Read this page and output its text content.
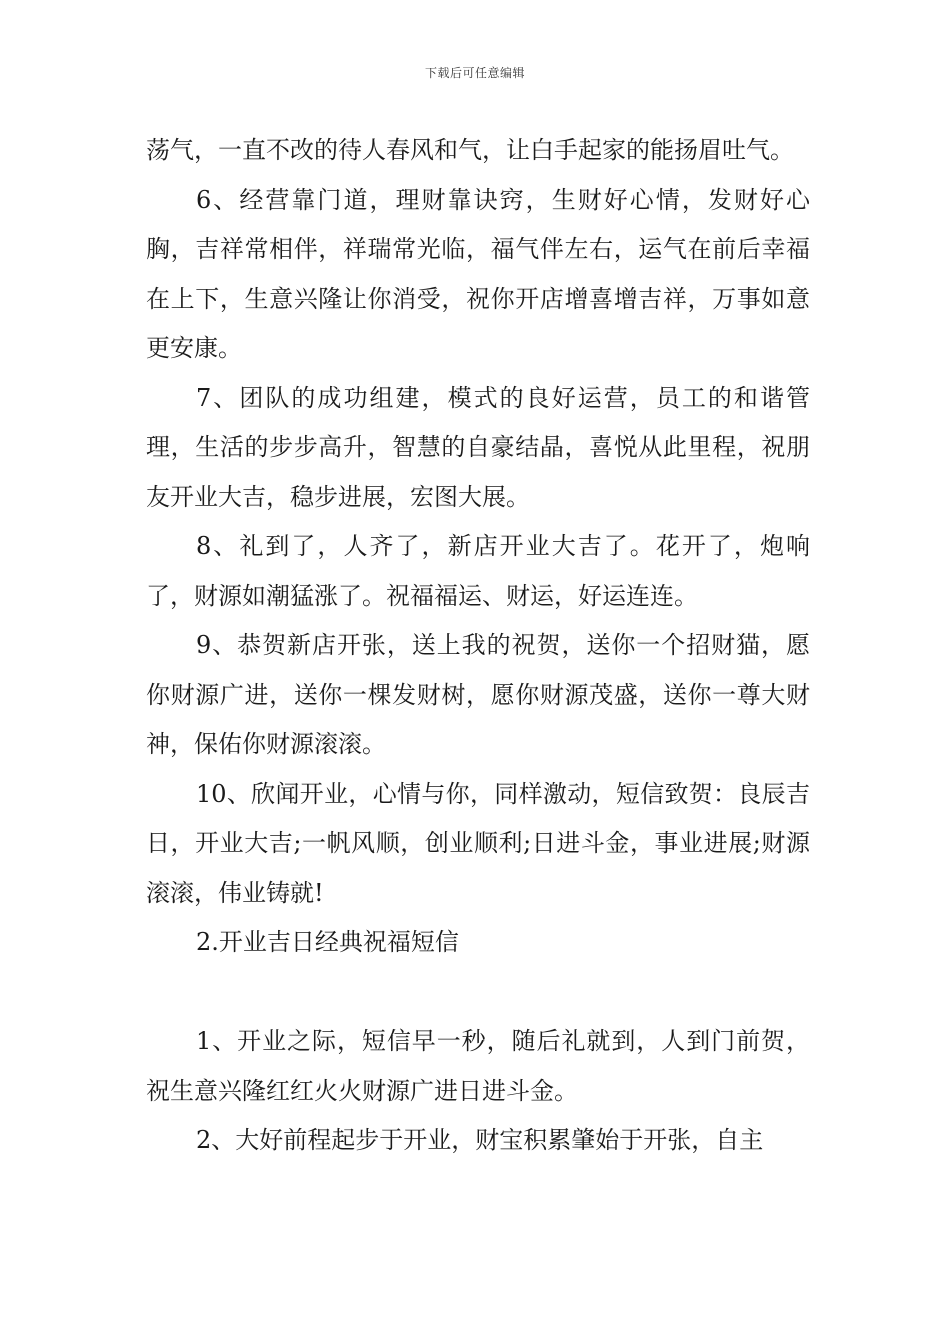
下载后可任意编辑

荡气，一直不改的待人春风和气，让白手起家的能扬眉吐气。

6、经营靠门道，理财靠诀窍，生财好心情，发财好心胸，吉祥常相伴，祥瑞常光临，福气伴左右，运气在前后幸福在上下，生意兴隆让你消受，祝你开店增喜增吉祥，万事如意更安康。

7、团队的成功组建，模式的良好运营，员工的和谐管理，生活的步步高升，智慧的自豪结晶，喜悦从此里程，祝朋友开业大吉，稳步进展，宏图大展。

8、礼到了，人齐了，新店开业大吉了。花开了，炮响了，财源如潮猛涨了。祝福福运、财运，好运连连。

9、恭贺新店开张，送上我的祝贺，送你一个招财猫，愿你财源广进，送你一棵发财树，愿你财源茂盛，送你一尊大财神，保佑你财源滚滚。

10、欣闻开业，心情与你，同样激动，短信致贺：良辰吉日，开业大吉;一帆风顺，创业顺利;日进斗金，事业进展;财源滚滚，伟业铸就!

2.开业吉日经典祝福短信

1、开业之际，短信早一秒，随后礼就到，人到门前贺，祝生意兴隆红红火火财源广进日进斗金。

2、大好前程起步于开业，财宝积累肇始于开张，自主
